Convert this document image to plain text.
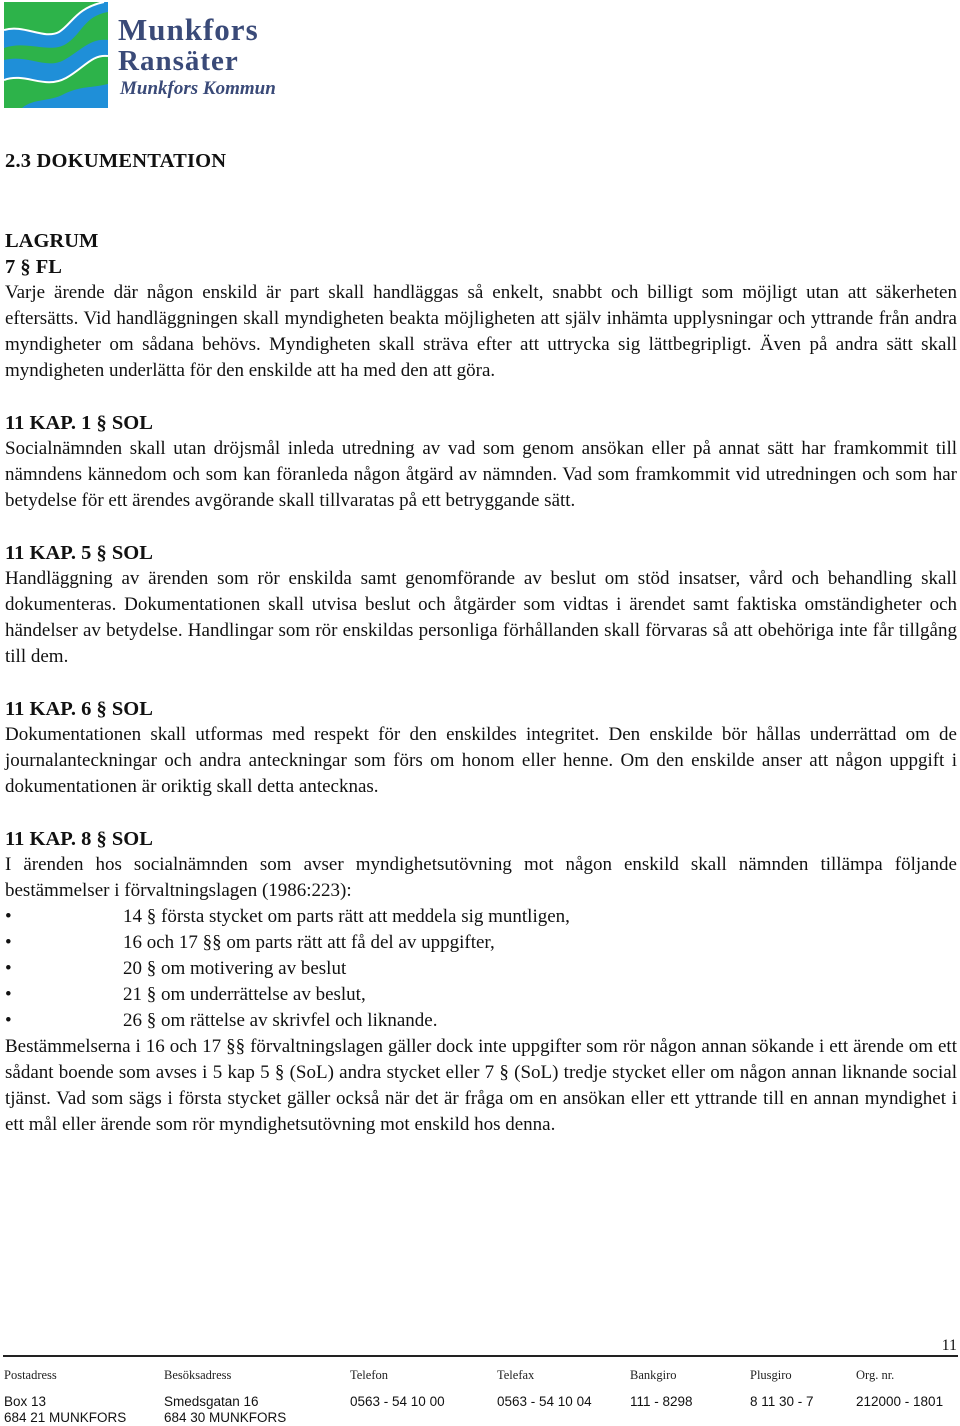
Munkfors
Ransäter
Munkfors Kommun
2.3 DOKUMENTATION
LAGRUM
7 § FL
Varje ärende där någon enskild är part skall handläggas så enkelt, snabbt och billigt som möjligt utan att säkerheten eftersätts. Vid handläggningen skall myndigheten beakta möjligheten att själv inhämta upplysningar och yttrande från andra myndigheter om sådana behövs. Myndigheten skall sträva efter att uttrycka sig lättbegripligt. Även på andra sätt skall myndigheten underlätta för den enskilde att ha med den att göra.
11 KAP. 1 § SOL
Socialnämnden skall utan dröjsmål inleda utredning av vad som genom ansökan eller på annat sätt har framkommit till nämndens kännedom och som kan föranleda någon åtgärd av nämnden. Vad som framkommit vid utredningen och som har betydelse för ett ärendes avgörande skall tillvaratas på ett betryggande sätt.
11 KAP. 5 § SOL
Handläggning av ärenden som rör enskilda samt genomförande av beslut om stöd insatser, vård och behandling skall dokumenteras. Dokumentationen skall utvisa beslut och åtgärder som vidtas i ärendet samt faktiska omständigheter och händelser av betydelse. Handlingar som rör enskildas personliga förhållanden skall förvaras så att obehöriga inte får tillgång till dem.
11 KAP. 6 § SOL
Dokumentationen skall utformas med respekt för den enskildes integritet. Den enskilde bör hållas underrättad om de journalanteckningar och andra anteckningar som förs om honom eller henne. Om den enskilde anser att någon uppgift i dokumentationen är oriktig skall detta antecknas.
11 KAP. 8 § SOL
I ärenden hos socialnämnden som avser myndighetsutövning mot någon enskild skall nämnden tillämpa följande bestämmelser i förvaltningslagen (1986:223):
• 14 § första stycket om parts rätt att meddela sig muntligen,
• 16 och 17 §§ om parts rätt att få del av uppgifter,
• 20 § om motivering av beslut
• 21 § om underrättelse av beslut,
• 26 § om rättelse av skrivfel och liknande.
Bestämmelserna i 16 och 17 §§ förvaltningslagen gäller dock inte uppgifter som rör någon annan sökande i ett ärende om ett sådant boende som avses i 5 kap 5 § (SoL) andra stycket eller 7 § (SoL) tredje stycket eller om någon annan liknande social tjänst. Vad som sägs i första stycket gäller också när det är fråga om en ansökan eller ett yttrande till en annan myndighet i ett mål eller ärende som rör myndighetsutövning mot enskild hos denna.
11
Postadress
Box 13
684 21 MUNKFORS
Besöksadress
Smedsgatan 16
684 30 MUNKFORS
Telefon
0563 - 54 10 00
Telefax
0563 - 54 10 04
Bankgiro
111 - 8298
Plusgiro
8 11 30 - 7
Org. nr.
212000 - 1801
